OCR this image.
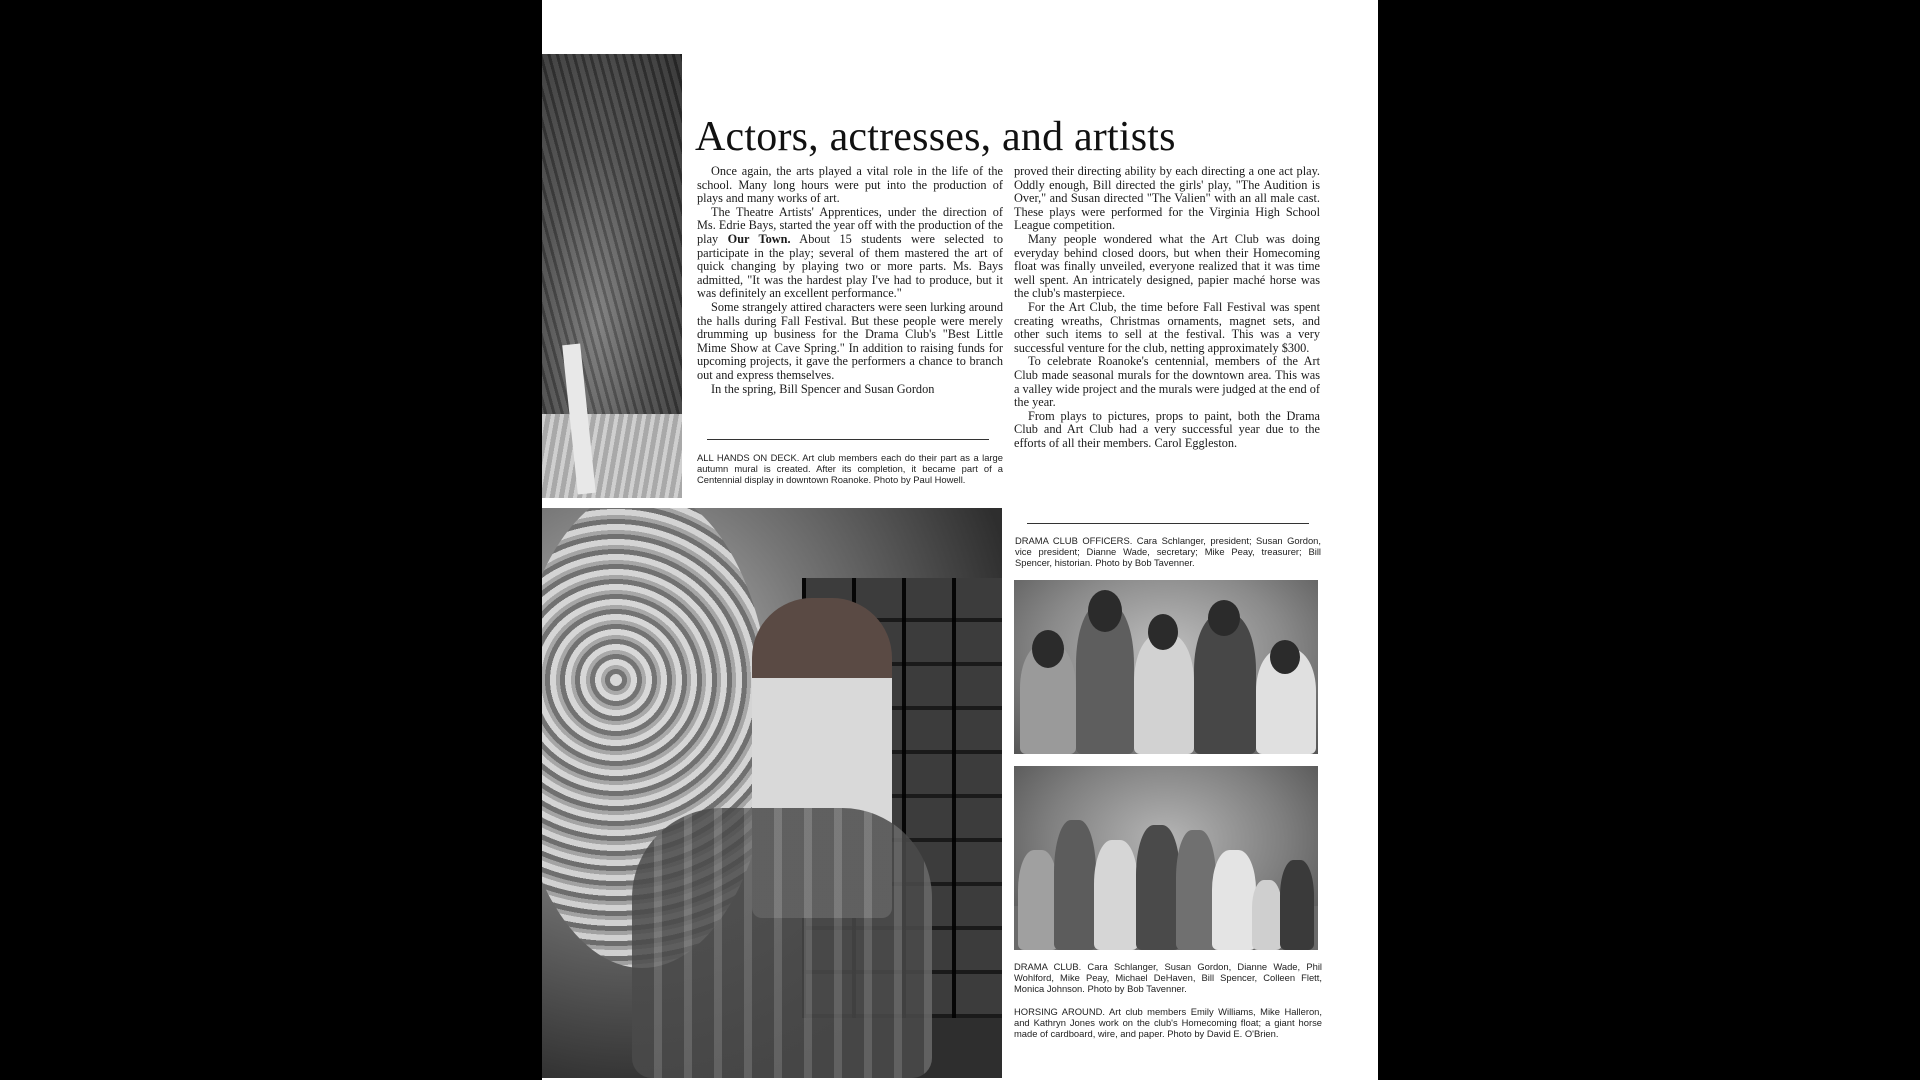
Actors, actresses, and artists

Once again, the arts played a vital role in the life of the school. Many long hours were put into the production of plays and many works of art.

The Theatre Artists' Apprentices, under the direction of Ms. Edrie Bays, started the year off with the production of the play Our Town. About 15 students were selected to participate in the play; several of them mastered the art of quick changing by playing two or more parts. Ms. Bays admitted, "It was the hardest play I've had to produce, but it was definitely an excellent performance."

Some strangely attired characters were seen lurking around the halls during Fall Festival. But these people were merely drumming up business for the Drama Club's "Best Little Mime Show at Cave Spring." In addition to raising funds for upcoming projects, it gave the performers a chance to branch out and express themselves.

In the spring, Bill Spencer and Susan Gordon

ALL HANDS ON DECK. Art club members each do their part as a large autumn mural is created. After its completion, it became part of a Centennial display in downtown Roanoke. Photo by Paul Howell.

proved their directing ability by each directing a one act play. Oddly enough, Bill directed the girls' play, "The Audition is Over," and Susan directed "The Valien" with an all male cast. These plays were performed for the Virginia High School League competition.

Many people wondered what the Art Club was doing everyday behind closed doors, but when their Homecoming float was finally unveiled, everyone realized that it was time well spent. An intricately designed, papier maché horse was the club's masterpiece.

For the Art Club, the time before Fall Festival was spent creating wreaths, Christmas ornaments, magnet sets, and other such items to sell at the festival. This was a very successful venture for the club, netting approximately $300.

To celebrate Roanoke's centennial, members of the Art Club made seasonal murals for the downtown area. This was a valley wide project and the murals were judged at the end of the year.

From plays to pictures, props to paint, both the Drama Club and Art Club had a very successful year due to the efforts of all their members. Carol Eggleston.

DRAMA CLUB OFFICERS. Cara Schlanger, president; Susan Gordon, vice president; Dianne Wade, secretary; Mike Peay, treasurer; Bill Spencer, historian. Photo by Bob Tavenner.
DRAMA CLUB. Cara Schlanger, Susan Gordon, Dianne Wade, Phil Wohlford, Mike Peay, Michael DeHaven, Bill Spencer, Colleen Flett, Monica Johnson. Photo by Bob Tavenner.
HORSING AROUND. Art club members Emily Williams, Mike Halleron, and Kathryn Jones work on the club's Homecoming float; a giant horse made of cardboard, wire, and paper. Photo by David E. O'Brien.
